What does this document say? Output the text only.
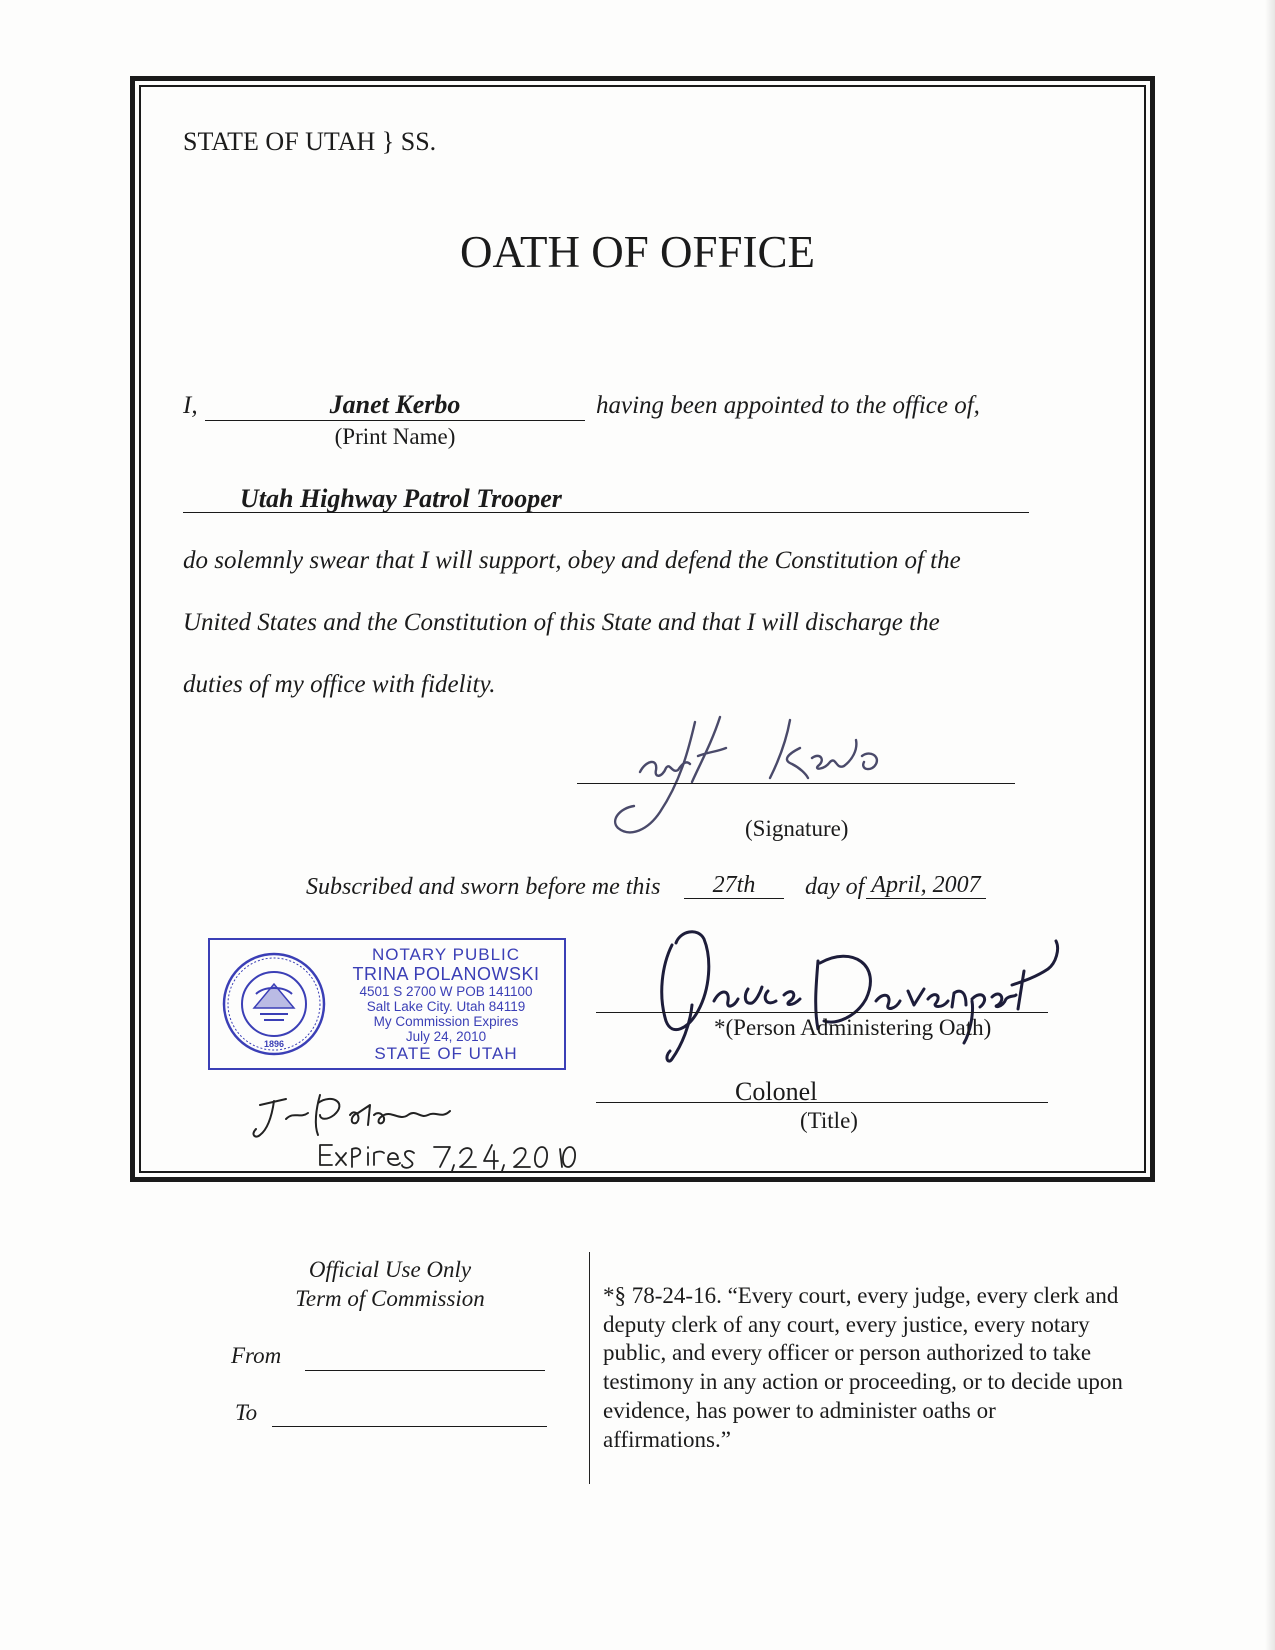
STATE OF UTAH } SS.
OATH OF OFFICE
I,	Janet Kerbo	having been appointed to the office of,
(Print Name)
Utah Highway Patrol Trooper
do solemnly swear that I will support, obey and defend the Constitution of the
United States and the Constitution of this State and that I will discharge the
duties of my office with fidelity.
(Signature)
Subscribed and sworn before me this	27th	day of April, 2007
1896
NOTARY PUBLIC
TRINA POLANOWSKI
4501 S 2700 W POB 141100
Salt Lake City. Utah 84119
My Commission Expires
July 24, 2010
STATE OF UTAH
*(Person Administering Oath)
Colonel
(Title)
Official Use Only
Term of Commission
From
To
*§ 78-24-16. “Every court, every judge, every clerk and deputy clerk of any court, every justice, every notary public, and every officer or person authorized to take testimony in any action or proceeding, or to decide upon evidence, has power to administer oaths or affirmations.”
